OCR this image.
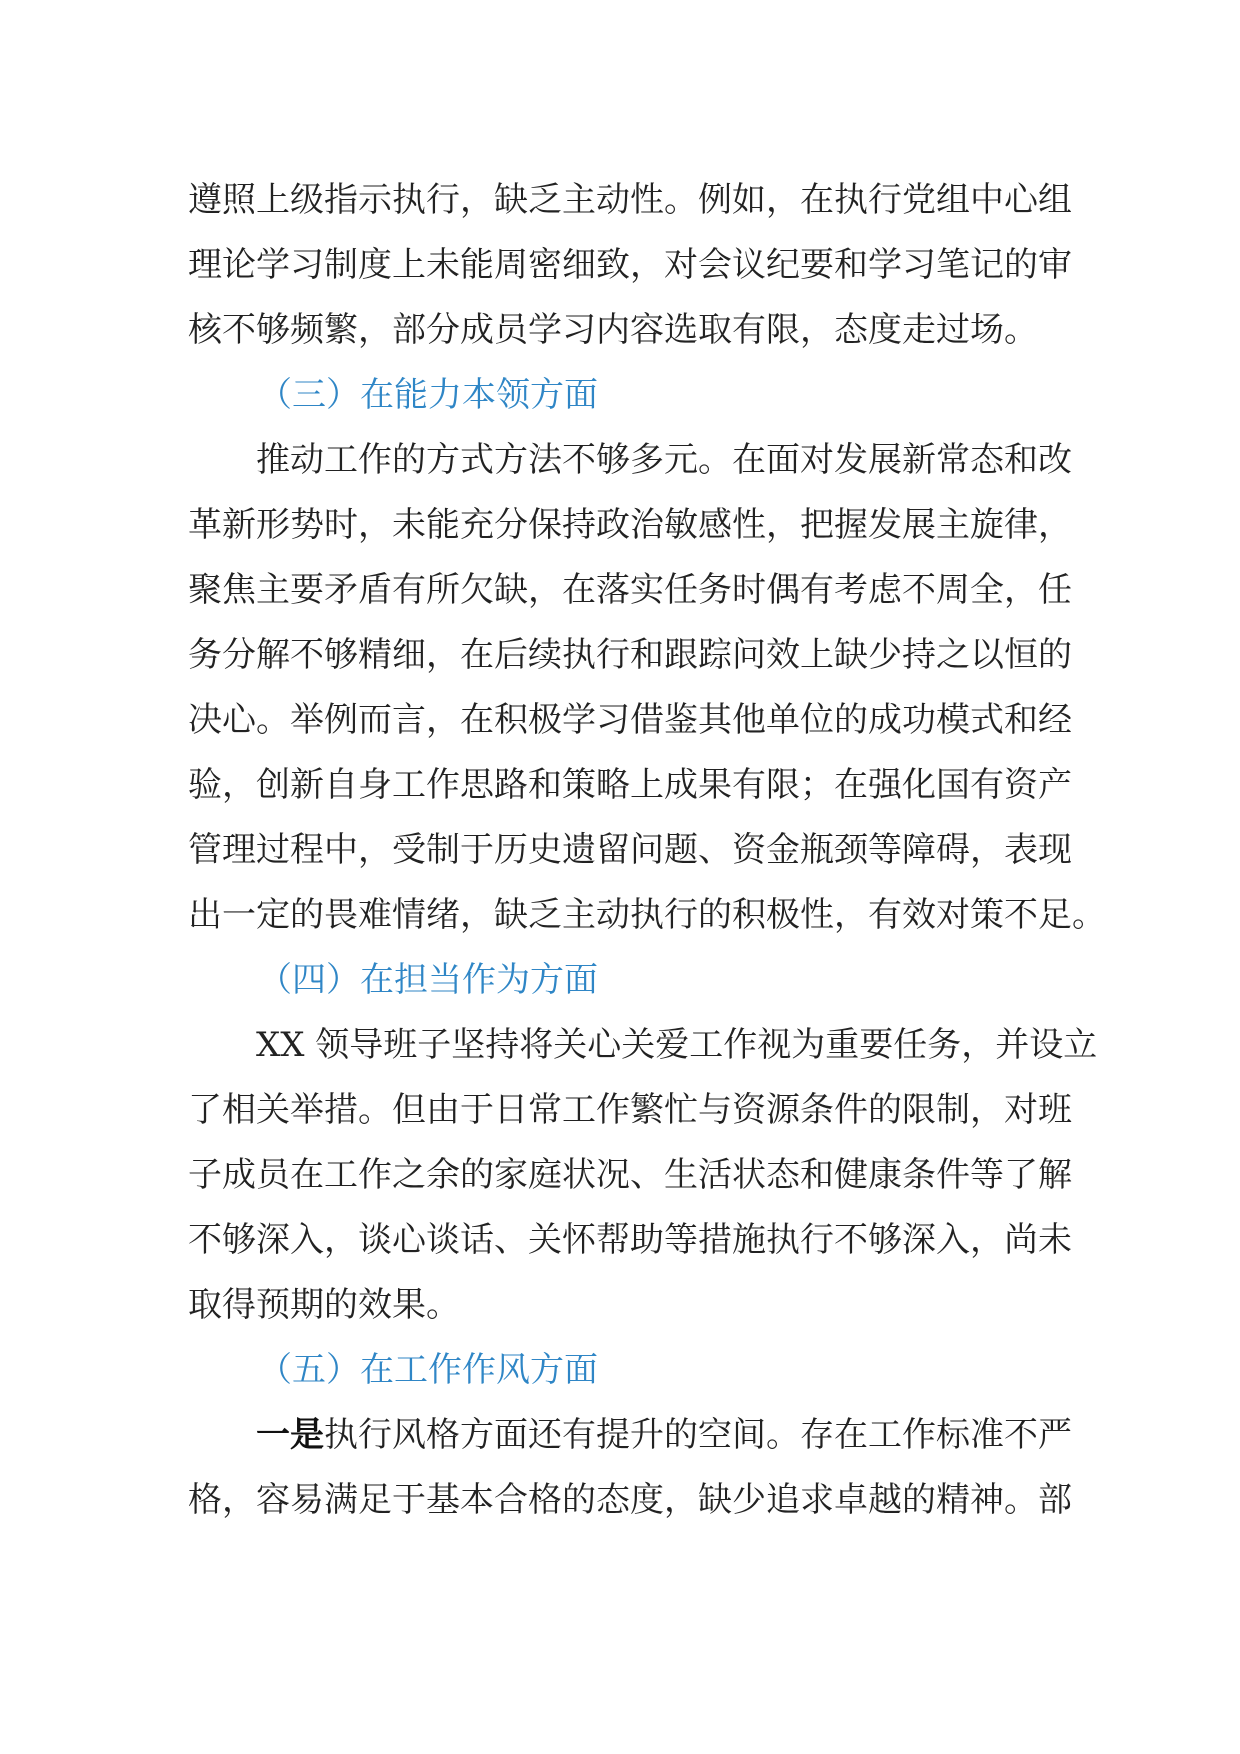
遵照上级指示执行，缺乏主动性。例如，在执行党组中心组
理论学习制度上未能周密细致，对会议纪要和学习笔记的审
核不够频繁，部分成员学习内容选取有限，态度走过场。

（三）在能力本领方面

推动工作的方式方法不够多元。在面对发展新常态和改
革新形势时，未能充分保持政治敏感性，把握发展主旋律，
聚焦主要矛盾有所欠缺，在落实任务时偶有考虑不周全，任
务分解不够精细，在后续执行和跟踪问效上缺少持之以恒的
决心。举例而言，在积极学习借鉴其他单位的成功模式和经
验，创新自身工作思路和策略上成果有限；在强化国有资产
管理过程中，受制于历史遗留问题、资金瓶颈等障碍，表现
出一定的畏难情绪，缺乏主动执行的积极性，有效对策不足。

（四）在担当作为方面

XX 领导班子坚持将关心关爱工作视为重要任务，并设立
了相关举措。但由于日常工作繁忙与资源条件的限制，对班
子成员在工作之余的家庭状况、生活状态和健康条件等了解
不够深入，谈心谈话、关怀帮助等措施执行不够深入，尚未
取得预期的效果。

（五）在工作作风方面

一是执行风格方面还有提升的空间。存在工作标准不严
格，容易满足于基本合格的态度，缺少追求卓越的精神。部
